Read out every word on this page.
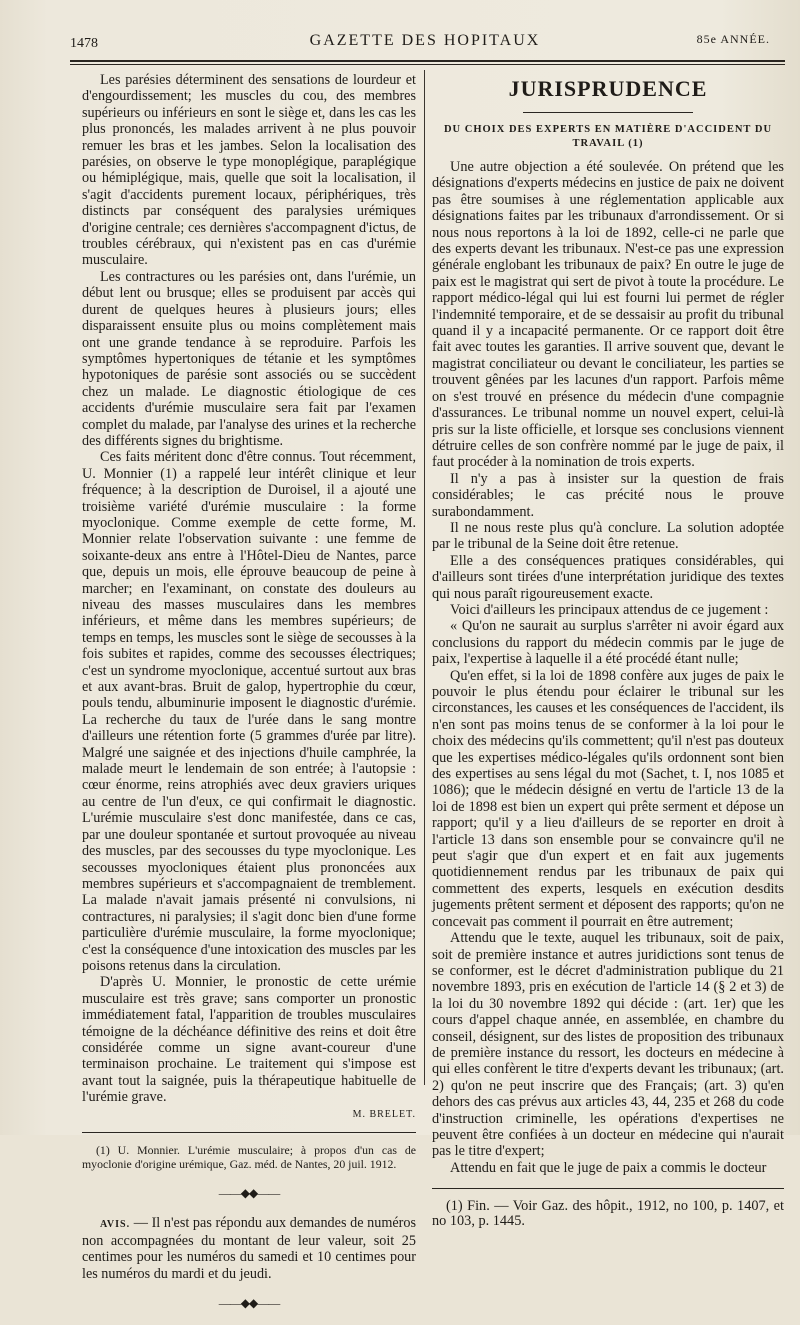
1478	GAZETTE DES HOPITAUX	85e ANNÉE.

Les parésies déterminent des sensations de lourdeur et d'engourdissement; les muscles du cou, des membres supérieurs ou inférieurs en sont le siège et, dans les cas les plus prononcés, les malades arrivent à ne plus pouvoir remuer les bras et les jambes. Selon la localisation des parésies, on observe le type monoplégique, paraplégique ou hémiplégique, mais, quelle que soit la localisation, il s'agit d'accidents purement locaux, périphériques, très distincts par conséquent des paralysies urémiques d'origine centrale; ces dernières s'accompagnent d'ictus, de troubles cérébraux, qui n'existent pas en cas d'urémie musculaire.

Les contractures ou les parésies ont, dans l'urémie, un début lent ou brusque; elles se produisent par accès qui durent de quelques heures à plusieurs jours; elles disparaissent ensuite plus ou moins complètement mais ont une grande tendance à se reproduire. Parfois les symptômes hypertoniques de tétanie et les symptômes hypotoniques de parésie sont associés ou se succèdent chez un malade. Le diagnostic étiologique de ces accidents d'urémie musculaire sera fait par l'examen complet du malade, par l'analyse des urines et la recherche des différents signes du brightisme.

Ces faits méritent donc d'être connus. Tout récemment, U. Monnier (1) a rappelé leur intérêt clinique et leur fréquence; à la description de Duroisel, il a ajouté une troisième variété d'urémie musculaire : la forme myoclonique. Comme exemple de cette forme, M. Monnier relate l'observation suivante : une femme de soixante-deux ans entre à l'Hôtel-Dieu de Nantes, parce que, depuis un mois, elle éprouve beaucoup de peine à marcher; en l'examinant, on constate des douleurs au niveau des masses musculaires dans les membres inférieurs, et même dans les membres supérieurs; de temps en temps, les muscles sont le siège de secousses à la fois subites et rapides, comme des secousses électriques; c'est un syndrome myoclonique, accentué surtout aux bras et aux avant-bras. Bruit de galop, hypertrophie du cœur, pouls tendu, albuminurie imposent le diagnostic d'urémie. La recherche du taux de l'urée dans le sang montre d'ailleurs une rétention forte (5 grammes d'urée par litre). Malgré une saignée et des injections d'huile camphrée, la malade meurt le lendemain de son entrée; à l'autopsie : cœur énorme, reins atrophiés avec deux graviers uriques au centre de l'un d'eux, ce qui confirmait le diagnostic. L'urémie musculaire s'est donc manifestée, dans ce cas, par une douleur spontanée et surtout provoquée au niveau des muscles, par des secousses du type myoclonique. Les secousses myocloniques étaient plus prononcées aux membres supérieurs et s'accompagnaient de tremblement. La malade n'avait jamais présenté ni convulsions, ni contractures, ni paralysies; il s'agit donc bien d'une forme particulière d'urémie musculaire, la forme myoclonique; c'est la conséquence d'une intoxication des muscles par les poisons retenus dans la circulation.

D'après U. Monnier, le pronostic de cette urémie musculaire est très grave; sans comporter un pronostic immédiatement fatal, l'apparition de troubles musculaires témoigne de la déchéance définitive des reins et doit être considérée comme un signe avant-coureur d'une terminaison prochaine. Le traitement qui s'impose est avant tout la saignée, puis la thérapeutique habituelle de l'urémie grave.

M. BRELET.

(1) U. Monnier. L'urémie musculaire; à propos d'un cas de myoclonie d'origine urémique, Gaz. méd. de Nantes, 20 juil. 1912.

——◆◆——

AVIS. — Il n'est pas répondu aux demandes de numéros non accompagnées du montant de leur valeur, soit 25 centimes pour les numéros du samedi et 10 centimes pour les numéros du mardi et du jeudi.

——◆◆——
JURISPRUDENCE
DU CHOIX DES EXPERTS EN MATIÈRE D'ACCIDENT DU TRAVAIL (1)

Une autre objection a été soulevée. On prétend que les désignations d'experts médecins en justice de paix ne doivent pas être soumises à une réglementation applicable aux désignations faites par les tribunaux d'arrondissement. Or si nous nous reportons à la loi de 1892, celle-ci ne parle que des experts devant les tribunaux. N'est-ce pas une expression générale englobant les tribunaux de paix? En outre le juge de paix est le magistrat qui sert de pivot à toute la procédure. Le rapport médico-légal qui lui est fourni lui permet de régler l'indemnité temporaire, et de se dessaisir au profit du tribunal quand il y a incapacité permanente. Or ce rapport doit être fait avec toutes les garanties. Il arrive souvent que, devant le magistrat conciliateur ou devant le conciliateur, les parties se trouvent gênées par les lacunes d'un rapport. Parfois même on s'est trouvé en présence du médecin d'une compagnie d'assurances. Le tribunal nomme un nouvel expert, celui-là pris sur la liste officielle, et lorsque ses conclusions viennent détruire celles de son confrère nommé par le juge de paix, il faut procéder à la nomination de trois experts.

Il n'y a pas à insister sur la question de frais considérables; le cas précité nous le prouve surabondamment.

Il ne nous reste plus qu'à conclure. La solution adoptée par le tribunal de la Seine doit être retenue.

Elle a des conséquences pratiques considérables, qui d'ailleurs sont tirées d'une interprétation juridique des textes qui nous paraît rigoureusement exacte.

Voici d'ailleurs les principaux attendus de ce jugement :

« Qu'on ne saurait au surplus s'arrêter ni avoir égard aux conclusions du rapport du médecin commis par le juge de paix, l'expertise à laquelle il a été procédé étant nulle;

Qu'en effet, si la loi de 1898 confère aux juges de paix le pouvoir le plus étendu pour éclairer le tribunal sur les circonstances, les causes et les conséquences de l'accident, ils n'en sont pas moins tenus de se conformer à la loi pour le choix des médecins qu'ils commettent; qu'il n'est pas douteux que les expertises médico-légales qu'ils ordonnent sont bien des expertises au sens légal du mot (Sachet, t. I, nos 1085 et 1086); que le médecin désigné en vertu de l'article 13 de la loi de 1898 est bien un expert qui prête serment et dépose un rapport; qu'il y a lieu d'ailleurs de se reporter en droit à l'article 13 dans son ensemble pour se convaincre qu'il ne peut s'agir que d'un expert et en fait aux jugements quotidiennement rendus par les tribunaux de paix qui commettent des experts, lesquels en exécution desdits jugements prêtent serment et déposent des rapports; qu'on ne concevait pas comment il pourrait en être autrement;

Attendu que le texte, auquel les tribunaux, soit de paix, soit de première instance et autres juridictions sont tenus de se conformer, est le décret d'administration publique du 21 novembre 1893, pris en exécution de l'article 14 (§ 2 et 3) de la loi du 30 novembre 1892 qui décide : (art. 1er) que les cours d'appel chaque année, en assemblée, en chambre du conseil, désignent, sur des listes de proposition des tribunaux de première instance du ressort, les docteurs en médecine à qui elles confèrent le titre d'experts devant les tribunaux; (art. 2) qu'on ne peut inscrire que des Français; (art. 3) qu'en dehors des cas prévus aux articles 43, 44, 235 et 268 du code d'instruction criminelle, les opérations d'expertises ne peuvent être confiées à un docteur en médecine qui n'aurait pas le titre d'expert;

Attendu en fait que le juge de paix a commis le docteur

(1) Fin. — Voir Gaz. des hôpit., 1912, no 100, p. 1407, et no 103, p. 1445.
